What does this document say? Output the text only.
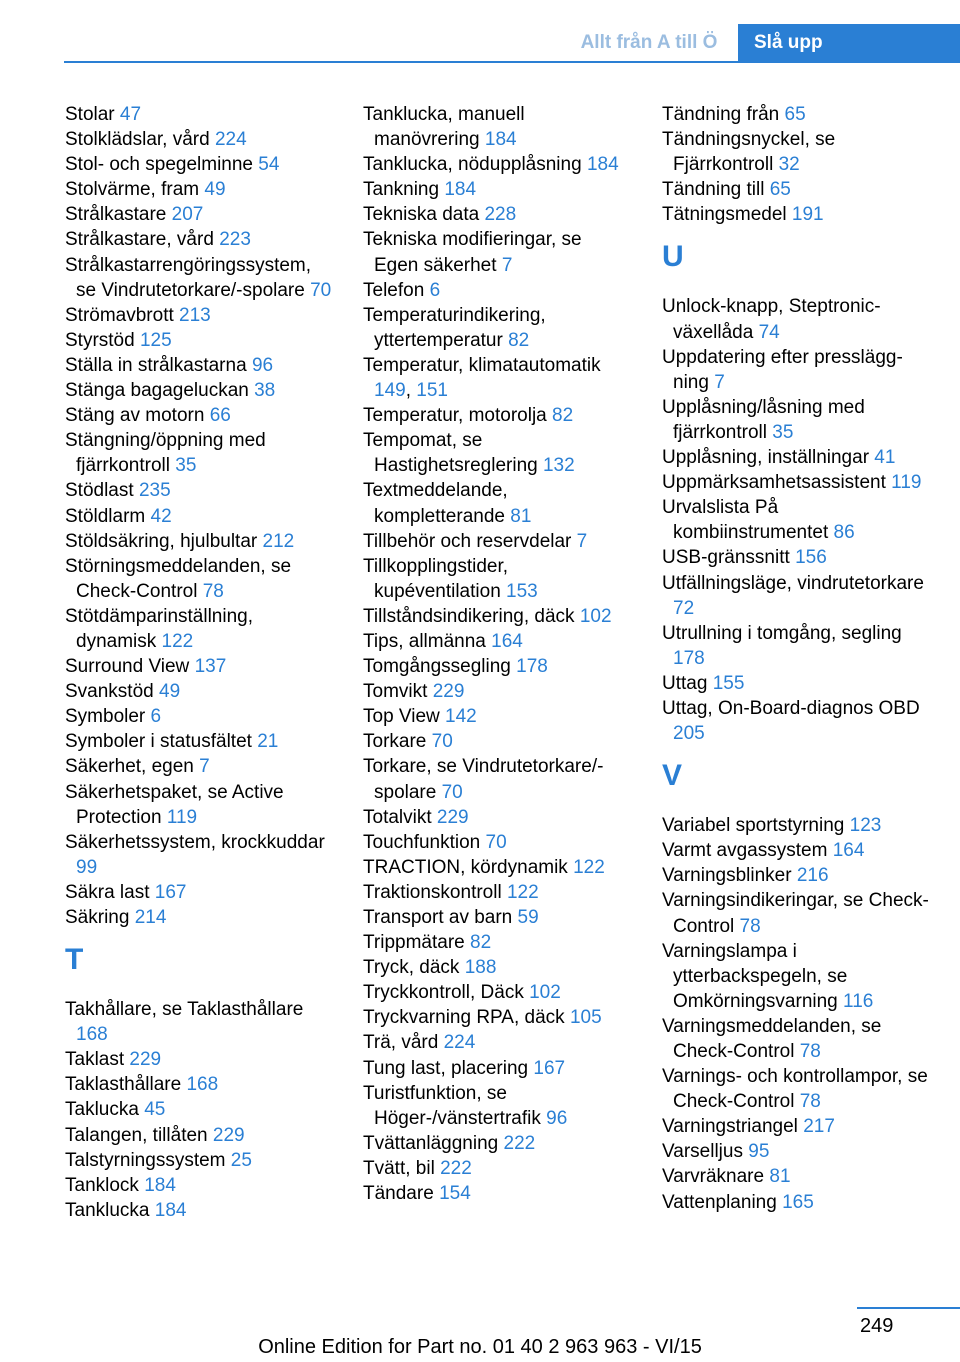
Allt från A till Ö	Slå upp
Stolar 47
Stolklädslar, vård 224
Stol- och spegelminne 54
Stolvärme, fram 49
Strålkastare 207
Strålkastare, vård 223
Strålkastarrengöringssystem, se Vindrutetorkare/-spolare 70
Strömavbrott 213
Styrstöd 125
Ställa in strålkastarna 96
Stänga bagageluckan 38
Stäng av motorn 66
Stängning/öppning med fjärrkontroll 35
Stödlast 235
Stöldlarm 42
Stöldsäkring, hjulbultar 212
Störningsmeddelanden, se Check-Control 78
Stötdämparinställning, dynamisk 122
Surround View 137
Svankstöd 49
Symboler 6
Symboler i statusfältet 21
Säkerhet, egen 7
Säkerhetspaket, se Active Protection 119
Säkerhetssystem, krockkuddar 99
Säkra last 167
Säkring 214
T
Takhållare, se Taklasthållare 168
Taklast 229
Taklasthållare 168
Taklucka 45
Talangen, tillåten 229
Talstyrningssystem 25
Tanklock 184
Tanklucka 184
Tanklucka, manuell manövrering 184
Tanklucka, nödupplåsning 184
Tankning 184
Tekniska data 228
Tekniska modifieringar, se Egen säkerhet 7
Telefon 6
Temperaturindikering, yttertemperatur 82
Temperatur, klimatautomatik 149, 151
Temperatur, motorolja 82
Tempomat, se Hastighetsreglering 132
Textmeddelande, kompletterande 81
Tillbehör och reservdelar 7
Tillkopplingstider, kupéventilation 153
Tillståndsindikering, däck 102
Tips, allmänna 164
Tomgångssegling 178
Tomvikt 229
Top View 142
Torkare 70
Torkare, se Vindrutetorkare/-spolare 70
Totalvikt 229
Touchfunktion 70
TRACTION, kördynamik 122
Traktionskontroll 122
Transport av barn 59
Trippmätare 82
Tryck, däck 188
Tryckkontroll, Däck 102
Tryckvarning RPA, däck 105
Trä, vård 224
Tung last, placering 167
Turistfunktion, se Höger-/vänstertrafik 96
Tvättanläggning 222
Tvätt, bil 222
Tändare 154
Tändning från 65
Tändningsnyckel, se Fjärrkontroll 32
Tändning till 65
Tätningsmedel 191
U
Unlock-knapp, Steptronic-växellåda 74
Uppdatering efter presslägg-ning 7
Upplåsning/låsning med fjärrkontroll 35
Upplåsning, inställningar 41
Uppmärksamhetsassistent 119
Urvalslista På kombiinstrumentet 86
USB-gränssnitt 156
Utfällningsläge, vindrutetorkare 72
Utrullning i tomgång, segling 178
Uttag 155
Uttag, On-Board-diagnos OBD 205
V
Variabel sportstyrning 123
Varmt avgassystem 164
Varningsblinker 216
Varningsindikeringar, se Check-Control 78
Varningslampa i ytterbackspegeln, se Omkörningsvarning 116
Varningsmeddelanden, se Check-Control 78
Varnings- och kontrollampor, se Check-Control 78
Varningstriangel 217
Varselljus 95
Varvräknare 81
Vattenplaning 165
249
Online Edition for Part no. 01 40 2 963 963 - VI/15
